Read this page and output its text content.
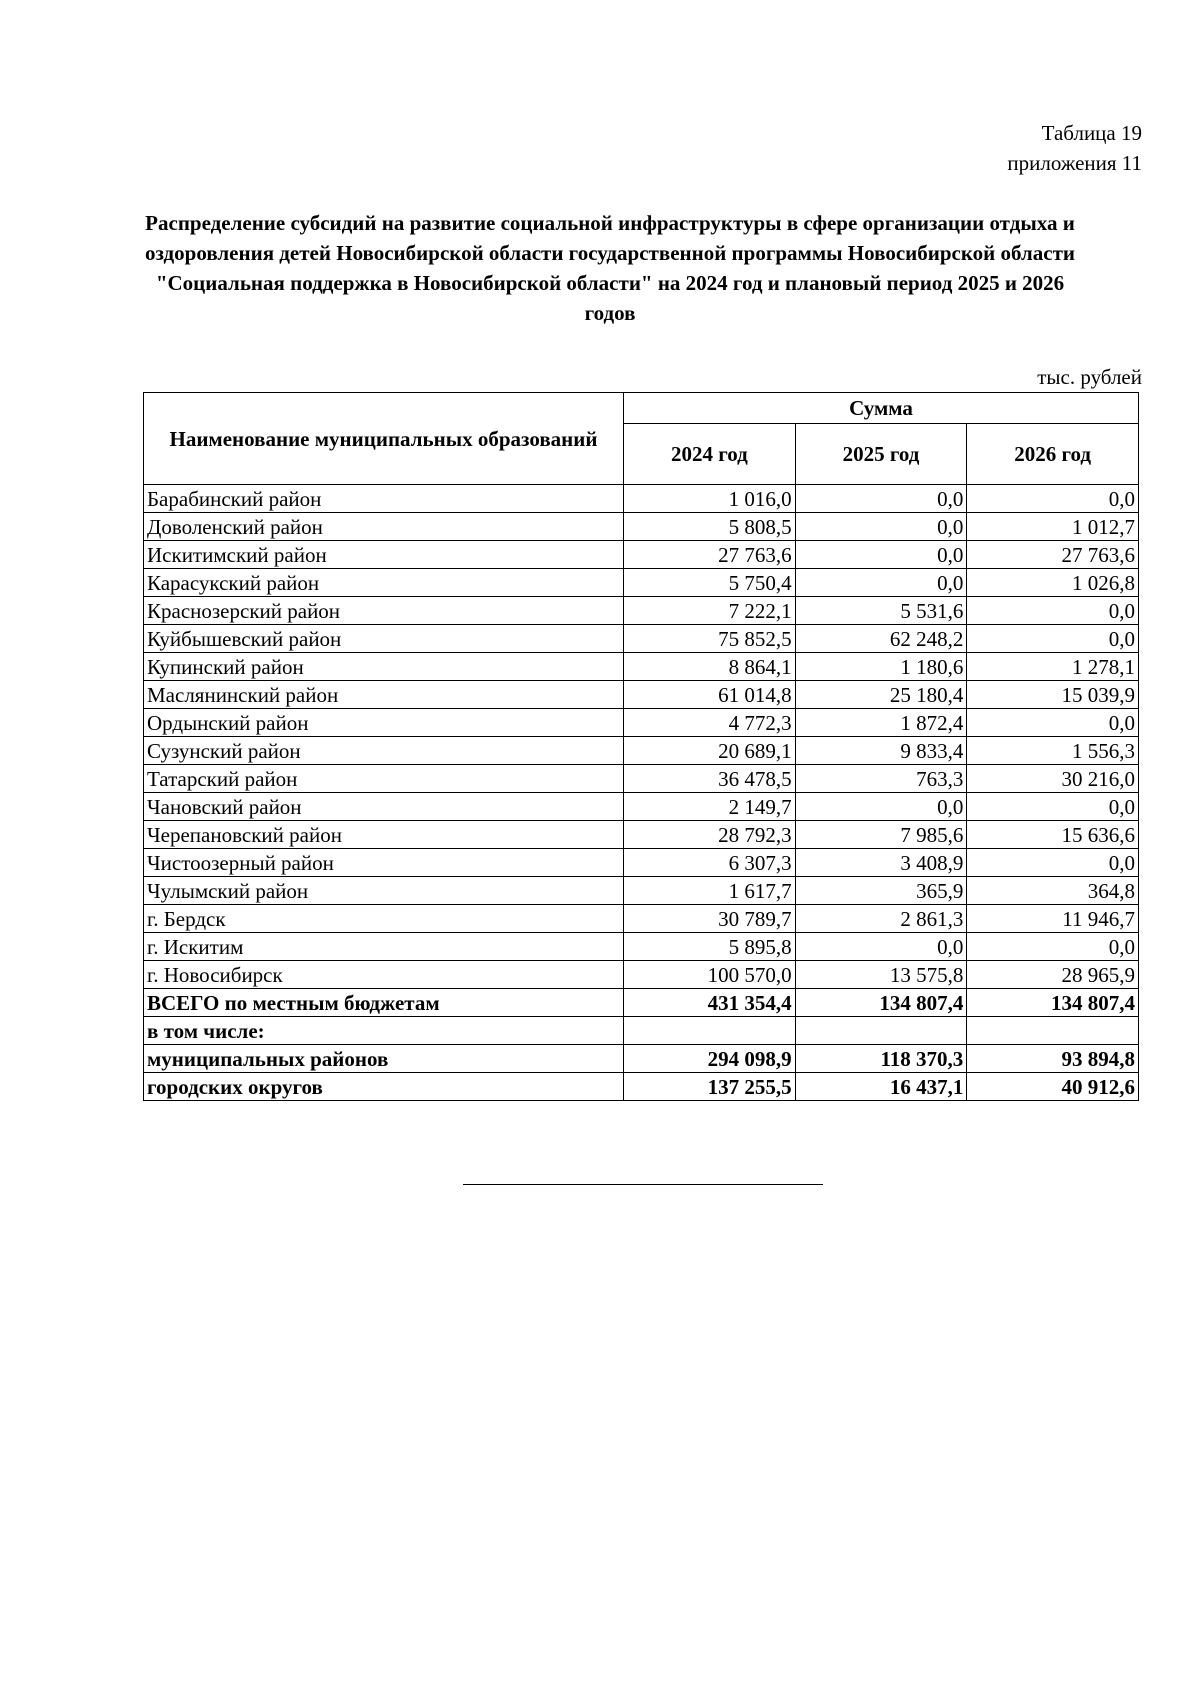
Таблица 19
приложения 11

Распределение субсидий на развитие социальной инфраструктуры в сфере организации отдыха и оздоровления детей Новосибирской области государственной программы Новосибирской области "Социальная поддержка в Новосибирской области" на 2024 год и плановый период 2025 и 2026 годов

тыс. рублей
Наименование муниципальных образований	Сумма		
	2024 год	2025 год	2026 год
Барабинский район	1 016,0	0,0	0,0
Доволенский район	5 808,5	0,0	1 012,7
Искитимский район	27 763,6	0,0	27 763,6
Карасукский район	5 750,4	0,0	1 026,8
Краснозерский район	7 222,1	5 531,6	0,0
Куйбышевский район	75 852,5	62 248,2	0,0
Купинский район	8 864,1	1 180,6	1 278,1
Маслянинский район	61 014,8	25 180,4	15 039,9
Ордынский район	4 772,3	1 872,4	0,0
Сузунский район	20 689,1	9 833,4	1 556,3
Татарский район	36 478,5	763,3	30 216,0
Чановский район	2 149,7	0,0	0,0
Черепановский район	28 792,3	7 985,6	15 636,6
Чистоозерный район	6 307,3	3 408,9	0,0
Чулымский район	1 617,7	365,9	364,8
г. Бердск	30 789,7	2 861,3	11 946,7
г. Искитим	5 895,8	0,0	0,0
г. Новосибирск	100 570,0	13 575,8	28 965,9
ВСЕГО по местным бюджетам	431 354,4	134 807,4	134 807,4
в том числе:			
муниципальных районов	294 098,9	118 370,3	93 894,8
городских округов	137 255,5	16 437,1	40 912,6
